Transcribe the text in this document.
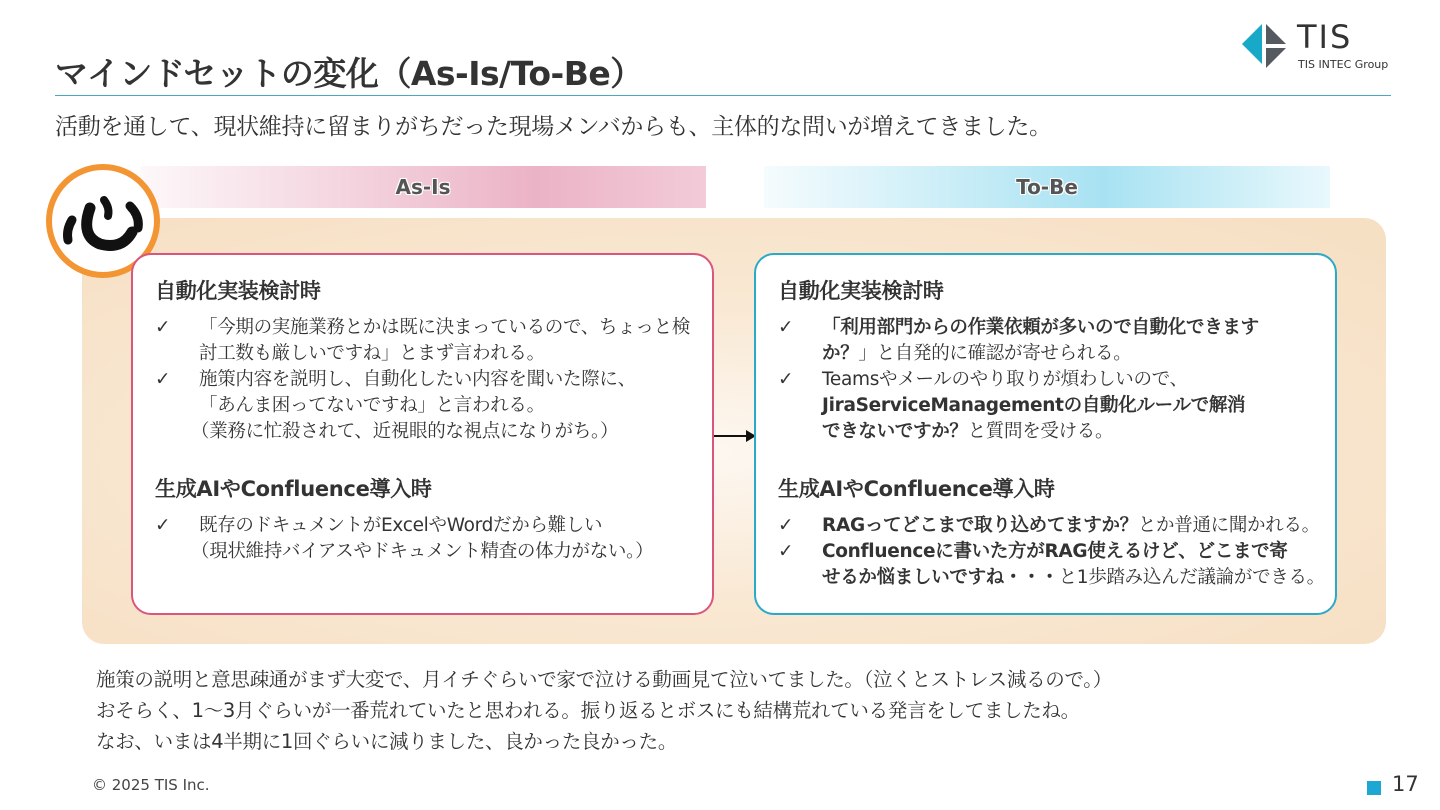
マインドセットの変化（As-Is/To-Be）
活動を通して、現状維持に留まりがちだった現場メンバからも、主体的な問いが増えてきました。
TIS
TIS INTEC Group
As-Is	To-Be
自動化実装検討時
✓ 「今期の実施業務とかは既に決まっているので、ちょっと検
討工数も厳しいですね」とまず言われる。
✓ 施策内容を説明し、自動化したい内容を聞いた際に、
「あんま困ってないですね」と言われる。
（業務に忙殺されて、近視眼的な視点になりがち。）
生成AIやConfluence導入時
✓ 既存のドキュメントがExcelやWordだから難しい
（現状維持バイアスやドキュメント精査の体力がない。）
自動化実装検討時
✓ 「利用部門からの作業依頼が多いので自動化できます
か？」と自発的に確認が寄せられる。
✓ Teamsやメールのやり取りが煩わしいので、
JiraServiceManagementの自動化ルールで解消
できないですか？と質問を受ける。
生成AIやConfluence導入時
✓ RAGってどこまで取り込めてますか？とか普通に聞かれる。
✓ Confluenceに書いた方がRAG使えるけど、どこまで寄
せるか悩ましいですね・・・と1歩踏み込んだ議論ができる。
施策の説明と意思疎通がまず大変で、月イチぐらいで家で泣ける動画見て泣いてました。（泣くとストレス減るので。）
おそらく、1～3月ぐらいが一番荒れていたと思われる。振り返るとボスにも結構荒れている発言をしてましたね。
なお、いまは4半期に1回ぐらいに減りました、良かった良かった。
© 2025 TIS Inc.	17
